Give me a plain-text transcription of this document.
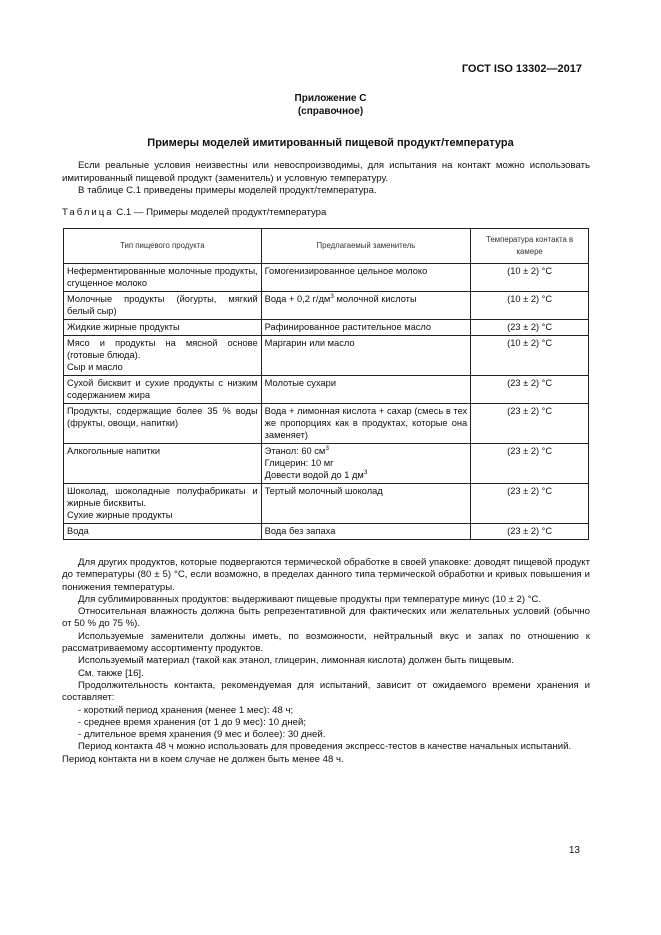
ГОСТ ISO 13302—2017
Приложение С
(справочное)
Примеры моделей имитированный пищевой продукт/температура

Если реальные условия неизвестны или невоспроизводимы, для испытания на контакт можно использовать имитированный пищевой продукт (заменитель) и условную температуру.

В таблице С.1 приведены примеры моделей продукт/температура.

Таблица С.1 — Примеры моделей продукт/температура
Тип пищевого продукта	Предлагаемый заменитель	Температура контакта в камере
Неферментированные молочные продукты, сгущенное молоко	Гомогенизированное цельное молоко	(10 ± 2) °С
Молочные продукты (йогурты, мягкий белый сыр)	Вода + 0,2 $г/дм^3$ молочной кислоты	(10 ± 2) °С
Жидкие жирные продукты	Рафинированное растительное масло	(23 ± 2) °С

Мясо и продукты на мясной основе (готовые блюда).
Сыр и масло	Маргарин или масло	(10 ± 2) °С
Сухой бисквит и сухие продукты с низким содержанием жира	Молотые сухари	(23 ± 2) °С
Продукты, содержащие более 35 % воды (фрукты, овощи, напитки)	Вода + лимонная кислота + сахар (смесь в тех же пропорциях как в продуктах, которые она заменяет)	(23 ± 2) °С
Алкогольные напитки	Этанол: 60 $см^3$
Глицерин: 10 мг
Довести водой до 1 $дм^3$	(23 ± 2) °С

Шоколад, шоколадные полуфабрикаты и жирные бисквиты.
Сухие жирные продукты	Тертый молочный шоколад	(23 ± 2) °С
Вода	Вода без запаха	(23 ± 2) °С

Для других продуктов, которые подвергаются термической обработке в своей упаковке: доводят пищевой продукт до температуры (80 ± 5) °С, если возможно, в пределах данного типа термической обработки и кривых повышения и понижения температуры.

Для сублимированных продуктов: выдерживают пищевые продукты при температуре минус (10 ± 2) °С.

Относительная влажность должна быть репрезентативной для фактических или желательных условий (обычно от 50 % до 75 %).

Используемые заменители должны иметь, по возможности, нейтральный вкус и запах по отношению к рассматриваемому ассортименту продуктов.

Используемый материал (такой как этанол, глицерин, лимонная кислота) должен быть пищевым.

См. также [16].

Продолжительность контакта, рекомендуемая для испытаний, зависит от ожидаемого времени хранения и составляет:

- короткий период хранения (менее 1 мес): 48 ч;

- среднее время хранения (от 1 до 9 мес): 10 дней;

- длительное время хранения (9 мес и более): 30 дней.

Период контакта 48 ч можно использовать для проведения экспресс-тестов в качестве начальных испытаний.

Период контакта ни в коем случае не должен быть менее 48 ч.

13
